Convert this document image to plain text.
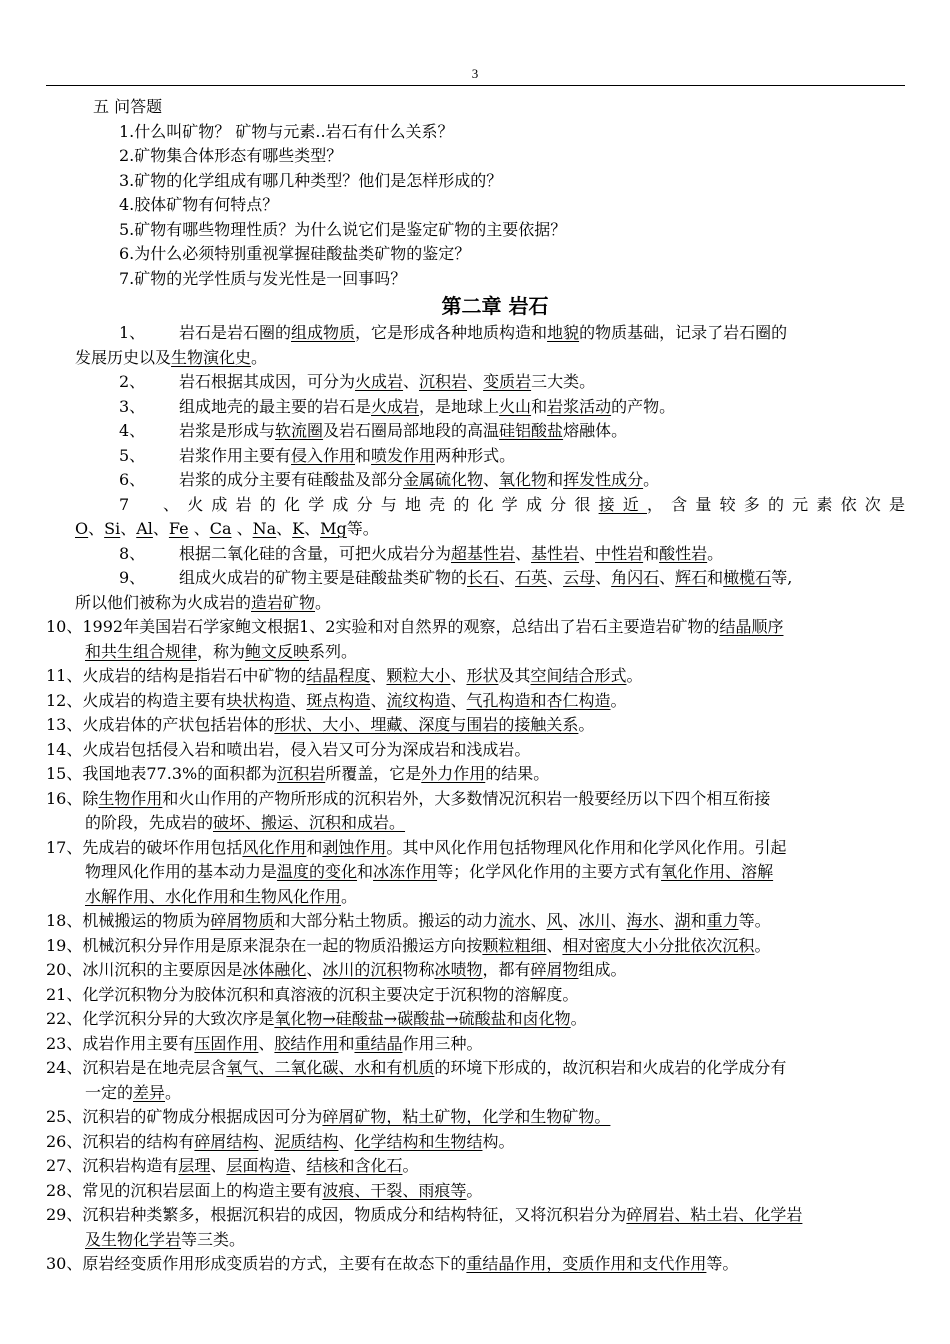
3
五 问答题
1.什么叫矿物？ 矿物与元素..岩石有什么关系？
2.矿物集合体形态有哪些类型？
3.矿物的化学组成有哪几种类型？他们是怎样形成的？
4.胶体矿物有何特点？
5.矿物有哪些物理性质？为什么说它们是鉴定矿物的主要依据？
6.为什么必须特别重视掌握硅酸盐类矿物的鉴定？
7.矿物的光学性质与发光性是一回事吗？
第二章 岩石
1、 岩石是岩石圈的组成物质，它是形成各种地质构造和地貌的物质基础，记录了岩石圈的
发展历史以及生物演化史。
2、 岩石根据其成因，可分为火成岩、沉积岩、变质岩三大类。
3、 组成地壳的最主要的岩石是火成岩，是地球上火山和岩浆活动的产物。
4、 岩浆是形成与软流圈及岩石圈局部地段的高温硅铝酸盐熔融体。
5、 岩浆作用主要有侵入作用和喷发作用两种形式。
6、 岩浆的成分主要有硅酸盐及部分金属硫化物、氧化物和挥发性成分。
7、火成岩的化学成分与地壳的化学成分很接近，含量较多的元素依次是
O、Si、Al、Fe 、Ca 、Na、K、Mg等。
8、 根据二氧化硅的含量，可把火成岩分为超基性岩、基性岩、中性岩和酸性岩。
9、 组成火成岩的矿物主要是硅酸盐类矿物的长石、石英、云母、角闪石、辉石和橄榄石等,
所以他们被称为火成岩的造岩矿物。
10、1992年美国岩石学家鲍文根据1、2实验和对自然界的观察，总结出了岩石主要造岩矿物的结晶顺序
和共生组合规律，称为鲍文反映系列。
11、火成岩的结构是指岩石中矿物的结晶程度、颗粒大小、形状及其空间结合形式。
12、火成岩的构造主要有块状构造、斑点构造、流纹构造、气孔构造和杏仁构造。
13、火成岩体的产状包括岩体的形状、大小、埋藏、深度与围岩的接触关系。
14、火成岩包括侵入岩和喷出岩，侵入岩又可分为深成岩和浅成岩。
15、我国地表77.3%的面积都为沉积岩所覆盖，它是外力作用的结果。
16、除生物作用和火山作用的产物所形成的沉积岩外，大多数情况沉积岩一般要经历以下四个相互衔接
的阶段，先成岩的破坏、搬运、沉积和成岩。
17、先成岩的破坏作用包括风化作用和剥蚀作用。其中风化作用包括物理风化作用和化学风化作用。引起
物理风化作用的基本动力是温度的变化和冰冻作用等；化学风化作用的主要方式有氧化作用、溶解
水解作用、水化作用和生物风化作用。
18、机械搬运的物质为碎屑物质和大部分粘土物质。搬运的动力流水、风、冰川、海水、湖和重力等。
19、机械沉积分异作用是原来混杂在一起的物质沿搬运方向按颗粒粗细、相对密度大小分批依次沉积。
20、冰川沉积的主要原因是冰体融化、冰川的沉积物称冰啧物，都有碎屑物组成。
21、化学沉积物分为胶体沉积和真溶液的沉积主要决定于沉积物的溶解度。
22、化学沉积分异的大致次序是氧化物→硅酸盐→碳酸盐→硫酸盐和卤化物。
23、成岩作用主要有压固作用、胶结作用和重结晶作用三种。
24、沉积岩是在地壳层含氧气、二氧化碳、水和有机质的环境下形成的，故沉积岩和火成岩的化学成分有
一定的差异。
25、沉积岩的矿物成分根据成因可分为碎屑矿物，粘土矿物，化学和生物矿物。
26、沉积岩的结构有碎屑结构、泥质结构、化学结构和生物结构。
27、沉积岩构造有层理、层面构造、结核和含化石。
28、常见的沉积岩层面上的构造主要有波痕、干裂、雨痕等。
29、沉积岩种类繁多，根据沉积岩的成因，物质成分和结构特征，又将沉积岩分为碎屑岩、粘土岩、化学岩
及生物化学岩等三类。
30、原岩经变质作用形成变质岩的方式，主要有在故态下的重结晶作用，变质作用和支代作用等。
